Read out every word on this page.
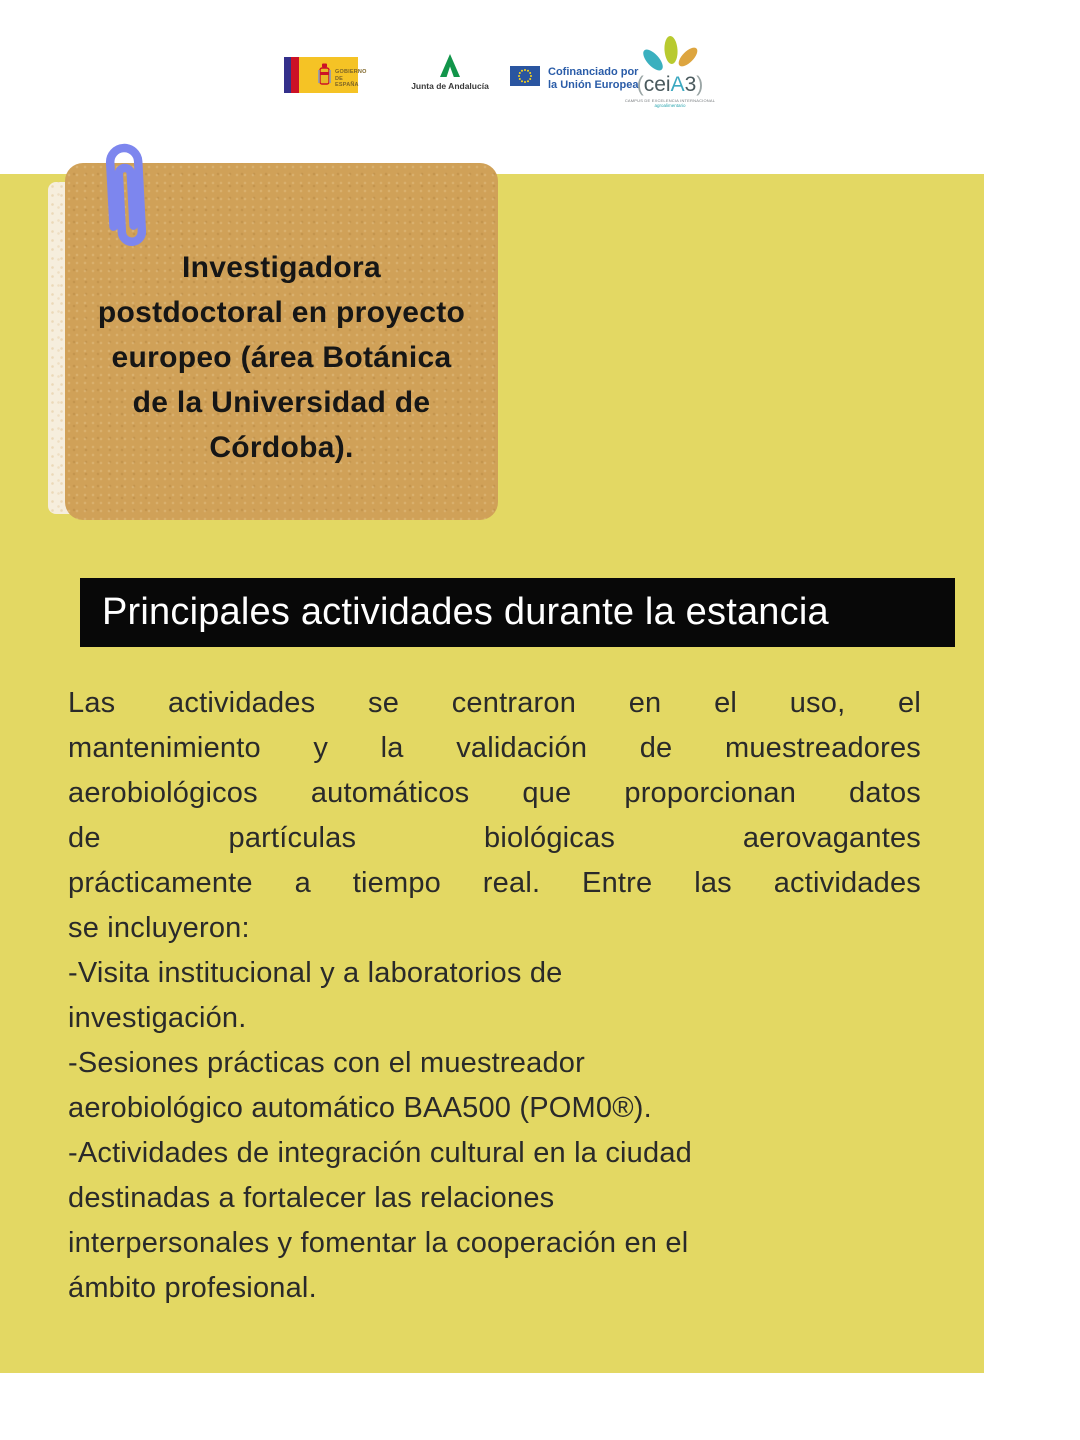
GOBIERNO
DE ESPAÑA	Junta de Andalucía
Cofinanciado por
la Unión Europea
(ceiA3)
CAMPUS DE EXCELENCIA INTERNACIONAL
agroalimentario
Investigadora
postdoctoral en proyecto
europeo (área Botánica
de la Universidad de
Córdoba).
Principales actividades durante la estancia
Las actividades se centraron en el uso, el
mantenimiento y la validación de muestreadores
aerobiológicos automáticos que proporcionan datos
de partículas biológicas aerovagantes
prácticamente a tiempo real. Entre las actividades
se incluyeron:
-Visita institucional y a laboratorios de
investigación.
-Sesiones prácticas con el muestreador
aerobiológico automático BAA500 (POM0®).
-Actividades de integración cultural en la ciudad
destinadas a fortalecer las relaciones
interpersonales y fomentar la cooperación en el
ámbito profesional.
